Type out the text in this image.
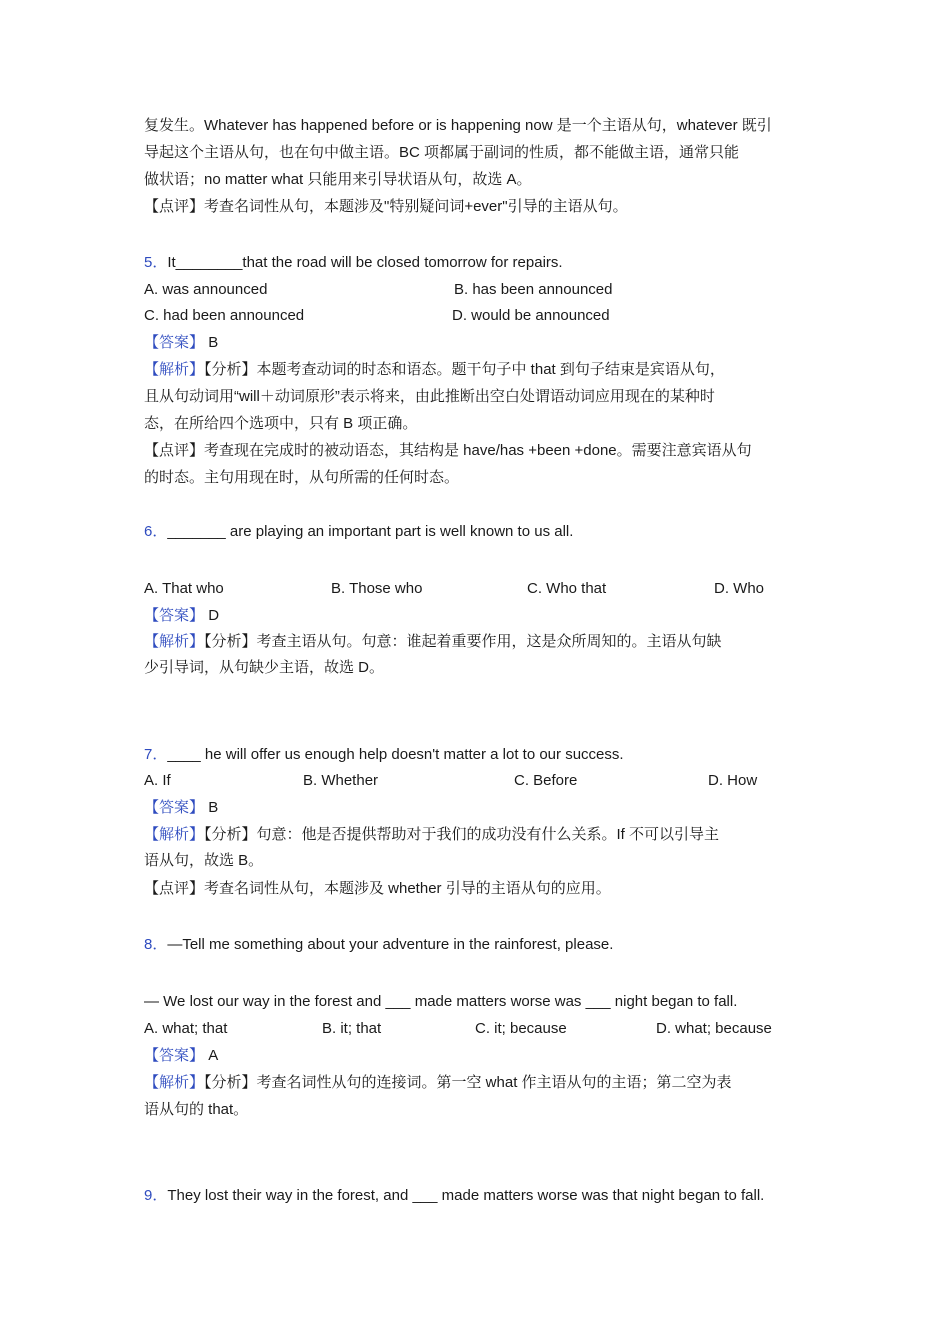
复发生。Whatever has happened before or is happening now 是一个主语从句，whatever 既引
导起这个主语从句，也在句中做主语。BC 项都属于副词的性质，都不能做主语，通常只能
做状语；no matter what 只能用来引导状语从句，故选 A。
【点评】考查名词性从句，本题涉及"特别疑问词+ever"引导的主语从句。
5．It________that the road will be closed tomorrow for repairs.
A. was announced	B. has been announced
C. had been announced	D. would be announced
【答案】 B
【解析】【分析】本题考查动词的时态和语态。题干句子中 that 到句子结束是宾语从句，
且从句动词用“will＋动词原形”表示将来，由此推断出空白处谓语动词应用现在的某种时
态，在所给四个选项中，只有 B 项正确。
【点评】考查现在完成时的被动语态，其结构是 have/has +been +done。需要注意宾语从句
的时态。主句用现在时，从句所需的任何时态。
6．_______ are playing an important part is well known to us all.
A. That who	B. Those who	C. Who that	D. Who
【答案】 D
【解析】【分析】考查主语从句。句意：谁起着重要作用，这是众所周知的。主语从句缺
少引导词，从句缺少主语，故选 D。
7．____ he will offer us enough help doesn't matter a lot to our success.
A. If	B. Whether	C. Before	D. How
【答案】 B
【解析】【分析】句意：他是否提供帮助对于我们的成功没有什么关系。If 不可以引导主
语从句，故选 B。
【点评】考查名词性从句，本题涉及 whether 引导的主语从句的应用。
8．—Tell me something about your adventure in the rainforest, please.
— We lost our way in the forest and ___ made matters worse was ___ night began to fall.
A. what; that	B. it; that	C. it; because	D. what; because
【答案】 A
【解析】【分析】考查名词性从句的连接词。第一空 what 作主语从句的主语；第二空为表
语从句的 that。
9．They lost their way in the forest, and ___ made matters worse was that night began to fall.
